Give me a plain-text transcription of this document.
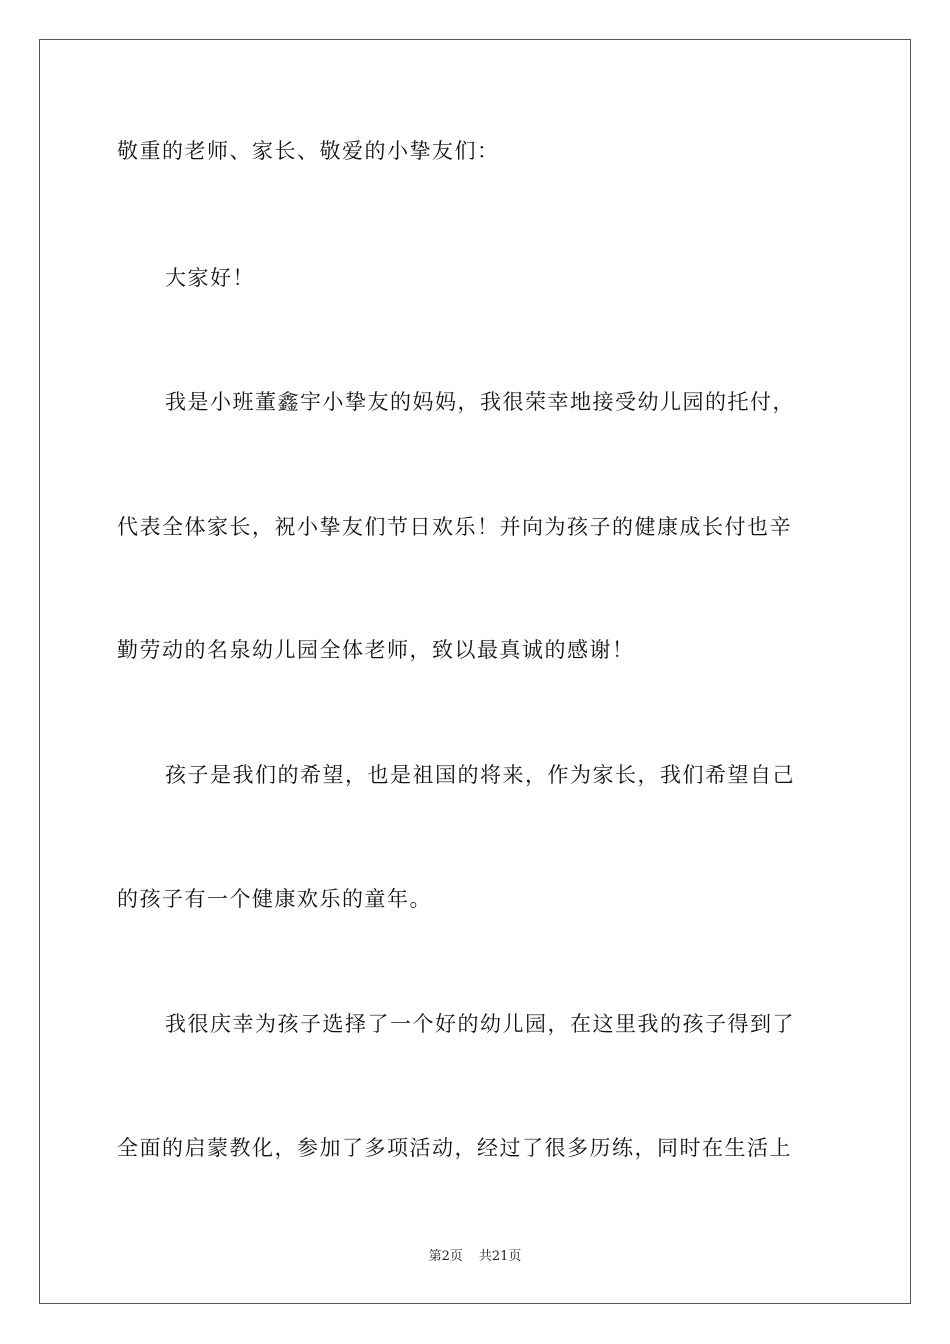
敬重的老师、家长、敬爱的小挚友们：
大家好！
我是小班董鑫宇小挚友的妈妈，我很荣幸地接受幼儿园的托付，
代表全体家长，祝小挚友们节日欢乐！并向为孩子的健康成长付也辛
勤劳动的名泉幼儿园全体老师，致以最真诚的感谢！
孩子是我们的希望，也是祖国的将来，作为家长，我们希望自己
的孩子有一个健康欢乐的童年。
我很庆幸为孩子选择了一个好的幼儿园，在这里我的孩子得到了
全面的启蒙教化，参加了多项活动，经过了很多历练，同时在生活上
第2页 共21页
